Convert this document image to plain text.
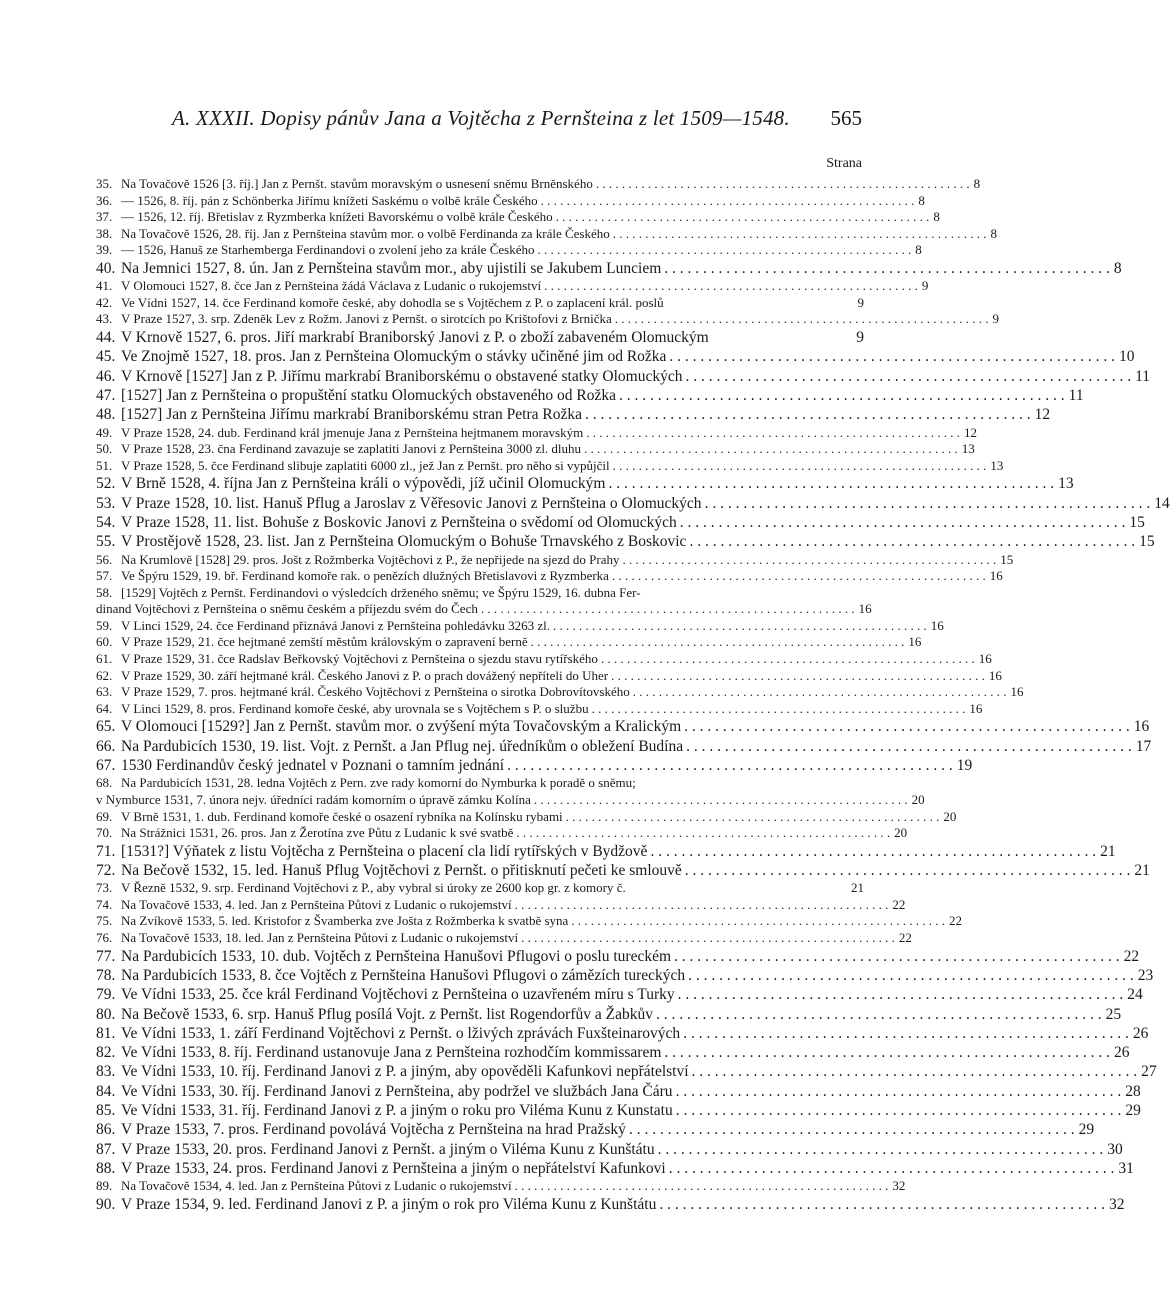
A. XXXII. Dopisy pánův Jana a Vojtěcha z Pernšteina z let 1509—1548.	565
Strana
35. Na Tovačově 1526 [3. říj.] Jan z Pernšt. stavům moravským o usnesení sněmu Brněnského . . .	8
36. — 1526, 8. říj. pán z Schönberka Jiřímu knížeti Saskému o volbě krále Českého . . .	8
37. — 1526, 12. říj. Břetislav z Ryzmberka knížeti Bavorskému o volbě krále Českého . . .	8
38. Na Tovačově 1526, 28. říj. Jan z Pernšteina stavům mor. o volbě Ferdinanda za krále Českého . . .	8
39. — 1526, Hanuš ze Starhemberga Ferdinandovi o zvolení jeho za krále Českého . . .	8
40. Na Jemnici 1527, 8. ún. Jan z Pernšteina stavům mor., aby ujistili se Jakubem Lunciem . . .	8
41. V Olomouci 1527, 8. čce Jan z Pernšteina žádá Václava z Ludanic o rukojemství . . .	9
42. Ve Vídni 1527, 14. čce Ferdinand komoře české, aby dohodla se s Vojtěchem z P. o zaplacení král. poslů	9
43. V Praze 1527, 3. srp. Zdeněk Lev z Rožm. Janovi z Pernšt. o sirotcích po Krištofovi z Brnička . . .	9
44. V Krnově 1527, 6. pros. Jiří markrabí Braniborský Janovi z P. o zboží zabaveném Olomuckým	9
45. Ve Znojmě 1527, 18. pros. Jan z Pernšteina Olomuckým o stávky učiněné jim od Rožka . . .	10
46. V Krnově [1527] Jan z P. Jiřímu markrabí Braniborskému o obstavené statky Olomuckých . . .	11
47. [1527] Jan z Pernšteina o propuštění statku Olomuckých obstaveného od Rožka . . .	11
48. [1527] Jan z Pernšteina Jiřímu markrabí Braniborskému stran Petra Rožka . . .	12
49. V Praze 1528, 24. dub. Ferdinand král jmenuje Jana z Pernšteina hejtmanem moravským . . .	12
50. V Praze 1528, 23. čna Ferdinand zavazuje se zaplatiti Janovi z Pernšteina 3000 zl. dluhu . . .	13
51. V Praze 1528, 5. čce Ferdinand slibuje zaplatiti 6000 zl., jež Jan z Pernšt. pro něho si vypůjčil . . .	13
52. V Brně 1528, 4. října Jan z Pernšteina králi o výpovědi, jíž učinil Olomuckým . . .	13
53. V Praze 1528, 10. list. Hanuš Pflug a Jaroslav z Věřesovic Janovi z Pernšteina o Olomuckých . . .	14
54. V Praze 1528, 11. list. Bohuše z Boskovic Janovi z Pernšteina o svědomí od Olomuckých . . .	15
55. V Prostějově 1528, 23. list. Jan z Pernšteina Olomuckým o Bohuše Trnavského z Boskovic . . .	15
56. Na Krumlově [1528] 29. pros. Jošt z Rožmberka Vojtěchovi z P., že nepřijede na sjezd do Prahy . . .	15
57. Ve Špýru 1529, 19. bř. Ferdinand komoře rak. o penězích dlužných Břetislavovi z Ryzmberka . . .	16
58. [1529] Vojtěch z Pernšt. Ferdinandovi o výsledcích drženého sněmu; ve Špýru 1529, 16. dubna Fer-
dinand Vojtěchovi z Pernšteina o sněmu českém a příjezdu svém do Čech . . .	16
59. V Linci 1529, 24. čce Ferdinand přiznává Janovi z Pernšteina pohledávku 3263 zl. . . .	16
60. V Praze 1529, 21. čce hejtmané zemští městům královským o zapravení berně . . .	16
61. V Praze 1529, 31. čce Radslav Beřkovský Vojtěchovi z Pernšteina o sjezdu stavu rytířského . . .	16
62. V Praze 1529, 30. září hejtmané král. Českého Janovi z P. o prach dovážený nepříteli do Uher . . .	16
63. V Praze 1529, 7. pros. hejtmané král. Českého Vojtěchovi z Pernšteina o sirotka Dobrovítovského . . .	16
64. V Linci 1529, 8. pros. Ferdinand komoře české, aby urovnala se s Vojtěchem s P. o službu . . .	16
65. V Olomouci [1529?] Jan z Pernšt. stavům mor. o zvýšení mýta Tovačovským a Kralickým . . .	16
66. Na Pardubicích 1530, 19. list. Vojt. z Pernšt. a Jan Pflug nej. úředníkům o obležení Budína . . .	17
67. 1530 Ferdinandův český jednatel v Poznani o tamním jednání . . .	19
68. Na Pardubicích 1531, 28. ledna Vojtěch z Pern. zve rady komorní do Nymburka k poradě o sněmu;
v Nymburce 1531, 7. února nejv. úředníci radám komorním o úpravě zámku Kolína . . .	20
69. V Brně 1531, 1. dub. Ferdinand komoře české o osazení rybníka na Kolínsku rybami . . .	20
70. Na Strážnici 1531, 26. pros. Jan z Žerotína zve Půtu z Ludanic k své svatbě . . .	20
71. [1531?] Výňatek z listu Vojtěcha z Pernšteina o placení cla lidí rytířských v Bydžově . . .	21
72. Na Bečově 1532, 15. led. Hanuš Pflug Vojtěchovi z Pernšt. o přitisknutí pečeti ke smlouvě . . .	21
73. V Řezně 1532, 9. srp. Ferdinand Vojtěchovi z P., aby vybral si úroky ze 2600 kop gr. z komory č.	21
74. Na Tovačově 1533, 4. led. Jan z Pernšteina Půtovi z Ludanic o rukojemství . . .	22
75. Na Zvíkově 1533, 5. led. Kristofor z Švamberka zve Jošta z Rožmberka k svatbě syna . . .	22
76. Na Tovačově 1533, 18. led. Jan z Pernšteina Půtovi z Ludanic o rukojemství . . .	22
77. Na Pardubicích 1533, 10. dub. Vojtěch z Pernšteina Hanušovi Pflugovi o poslu tureckém . . .	22
78. Na Pardubicích 1533, 8. čce Vojtěch z Pernšteina Hanušovi Pflugovi o zámězích tureckých . . .	23
79. Ve Vídni 1533, 25. čce král Ferdinand Vojtěchovi z Pernšteina o uzavřeném míru s Turky . . .	24
80. Na Bečově 1533, 6. srp. Hanuš Pflug posílá Vojt. z Pernšt. list Rogendorfův a Žabkův . . .	25
81. Ve Vídni 1533, 1. září Ferdinand Vojtěchovi z Pernšt. o lživých zprávách Fuxšteinarových . . .	26
82. Ve Vídni 1533, 8. říj. Ferdinand ustanovuje Jana z Pernšteina rozhodčím kommissarem . . .	26
83. Ve Vídni 1533, 10. říj. Ferdinand Janovi z P. a jiným, aby opověděli Kafunkovi nepřátelství . . .	27
84. Ve Vídni 1533, 30. říj. Ferdinand Janovi z Pernšteina, aby podržel ve službách Jana Čáru . . .	28
85. Ve Vídni 1533, 31. říj. Ferdinand Janovi z P. a jiným o roku pro Viléma Kunu z Kunstatu . . .	29
86. V Praze 1533, 7. pros. Ferdinand povolává Vojtěcha z Pernšteina na hrad Pražský . . .	29
87. V Praze 1533, 20. pros. Ferdinand Janovi z Pernšt. a jiným o Viléma Kunu z Kunštátu . . .	30
88. V Praze 1533, 24. pros. Ferdinand Janovi z Pernšteina a jiným o nepřátelství Kafunkovi . . .	31
89. Na Tovačově 1534, 4. led. Jan z Pernšteina Půtovi z Ludanic o rukojemství . . .	32
90. V Praze 1534, 9. led. Ferdinand Janovi z P. a jiným o rok pro Viléma Kunu z Kunštátu . . .	32
